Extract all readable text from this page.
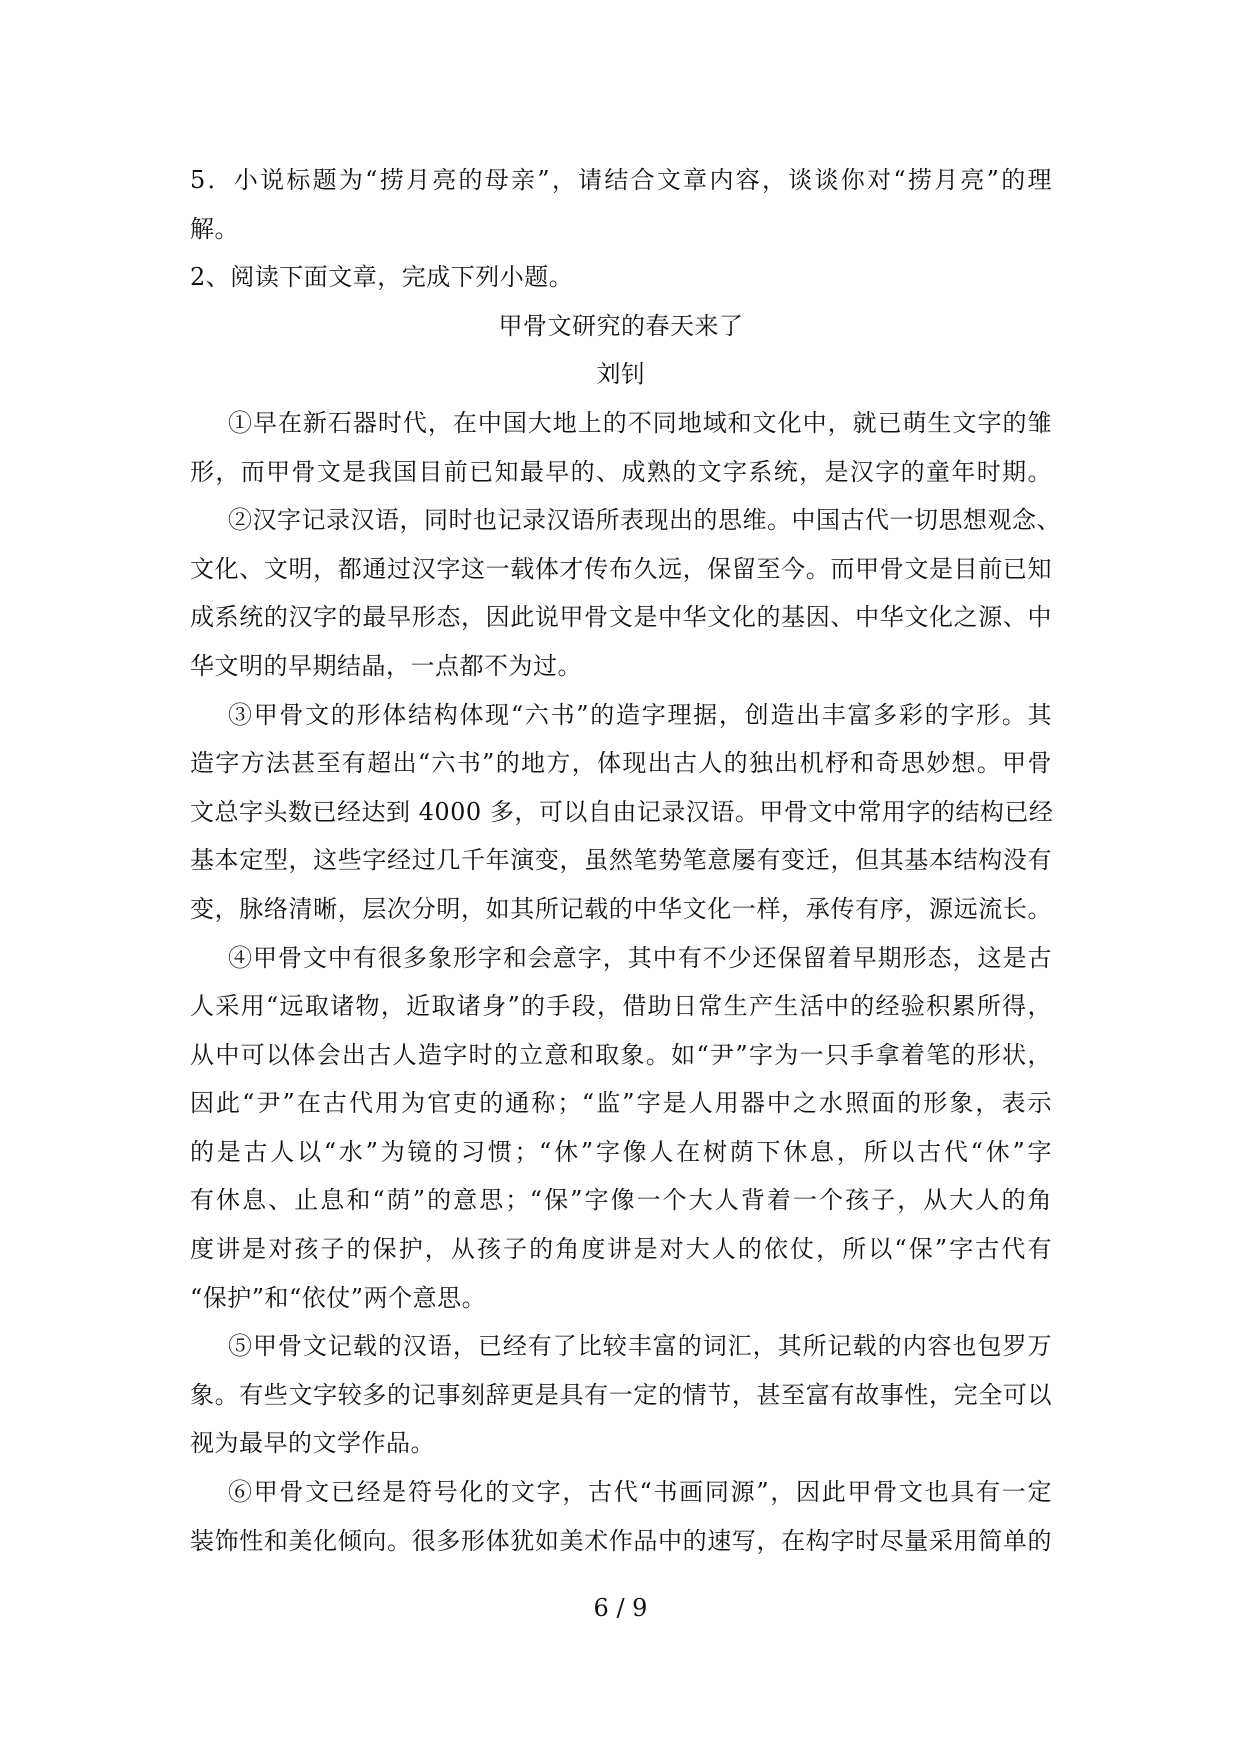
5．小说标题为“捞月亮的母亲”，请结合文章内容，谈谈你对“捞月亮”的理
解。
2、阅读下面文章，完成下列小题。
甲骨文研究的春天来了
刘钊
①早在新石器时代，在中国大地上的不同地域和文化中，就已萌生文字的雏
形，而甲骨文是我国目前已知最早的、成熟的文字系统，是汉字的童年时期。
②汉字记录汉语，同时也记录汉语所表现出的思维。中国古代一切思想观念、
文化、文明，都通过汉字这一载体才传布久远，保留至今。而甲骨文是目前已知
成系统的汉字的最早形态，因此说甲骨文是中华文化的基因、中华文化之源、中
华文明的早期结晶，一点都不为过。
③甲骨文的形体结构体现“六书”的造字理据，创造出丰富多彩的字形。其
造字方法甚至有超出“六书”的地方，体现出古人的独出机杼和奇思妙想。甲骨
文总字头数已经达到 4000 多，可以自由记录汉语。甲骨文中常用字的结构已经
基本定型，这些字经过几千年演变，虽然笔势笔意屡有变迁，但其基本结构没有
变，脉络清晰，层次分明，如其所记载的中华文化一样，承传有序，源远流长。
④甲骨文中有很多象形字和会意字，其中有不少还保留着早期形态，这是古
人采用“远取诸物，近取诸身”的手段，借助日常生产生活中的经验积累所得，
从中可以体会出古人造字时的立意和取象。如“尹”字为一只手拿着笔的形状，
因此“尹”在古代用为官吏的通称；“监”字是人用器中之水照面的形象，表示
的是古人以“水”为镜的习惯；“休”字像人在树荫下休息，所以古代“休”字
有休息、止息和“荫”的意思；“保”字像一个大人背着一个孩子，从大人的角
度讲是对孩子的保护，从孩子的角度讲是对大人的依仗，所以“保”字古代有
“保护”和“依仗”两个意思。
⑤甲骨文记载的汉语，已经有了比较丰富的词汇，其所记载的内容也包罗万
象。有些文字较多的记事刻辞更是具有一定的情节，甚至富有故事性，完全可以
视为最早的文学作品。
⑥甲骨文已经是符号化的文字，古代“书画同源”，因此甲骨文也具有一定
装饰性和美化倾向。很多形体犹如美术作品中的速写，在构字时尽量采用简单的
6 / 9
